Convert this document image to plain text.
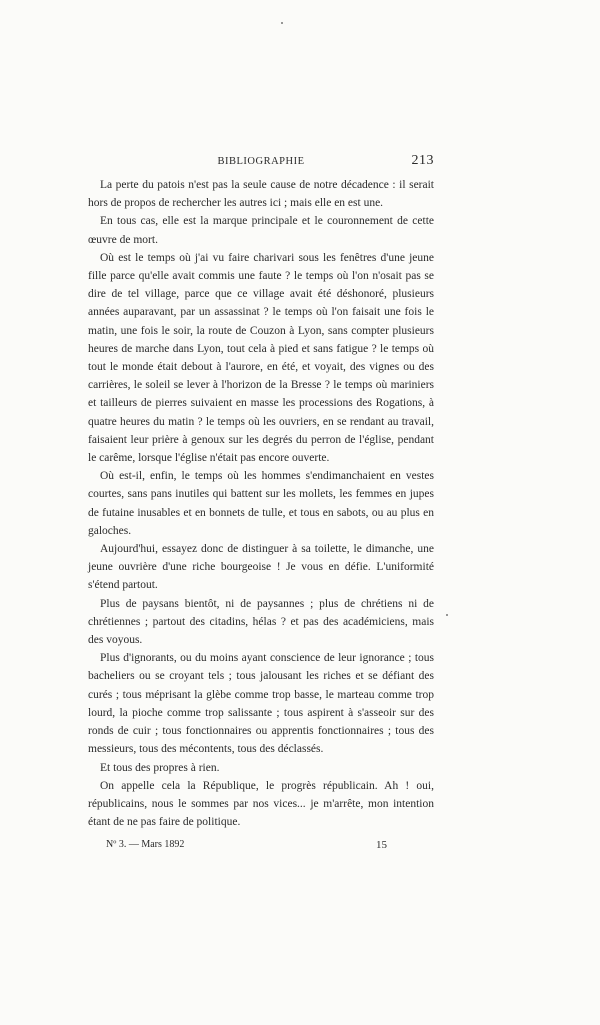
BIBLIOGRAPHIE	213

La perte du patois n'est pas la seule cause de notre décadence : il serait hors de propos de rechercher les autres ici ; mais elle en est une.

En tous cas, elle est la marque principale et le couronnement de cette œuvre de mort.

Où est le temps où j'ai vu faire charivari sous les fenêtres d'une jeune fille parce qu'elle avait commis une faute ? le temps où l'on n'osait pas se dire de tel village, parce que ce village avait été déshonoré, plusieurs années auparavant, par un assassinat ? le temps où l'on faisait une fois le matin, une fois le soir, la route de Couzon à Lyon, sans compter plusieurs heures de marche dans Lyon, tout cela à pied et sans fatigue ? le temps où tout le monde était debout à l'aurore, en été, et voyait, des vignes ou des carrières, le soleil se lever à l'horizon de la Bresse ? le temps où mariniers et tailleurs de pierres suivaient en masse les processions des Rogations, à quatre heures du matin ? le temps où les ouvriers, en se rendant au travail, faisaient leur prière à genoux sur les degrés du perron de l'église, pendant le carême, lorsque l'église n'était pas encore ouverte.

Où est-il, enfin, le temps où les hommes s'endimanchaient en vestes courtes, sans pans inutiles qui battent sur les mollets, les femmes en jupes de futaine inusables et en bonnets de tulle, et tous en sabots, ou au plus en galoches.

Aujourd'hui, essayez donc de distinguer à sa toilette, le dimanche, une jeune ouvrière d'une riche bourgeoise ! Je vous en défie. L'uniformité s'étend partout.

Plus de paysans bientôt, ni de paysannes ; plus de chrétiens ni de chrétiennes ; partout des citadins, hélas ? et pas des académiciens, mais des voyous.

Plus d'ignorants, ou du moins ayant conscience de leur ignorance ; tous bacheliers ou se croyant tels ; tous jalousant les riches et se défiant des curés ; tous méprisant la glèbe comme trop basse, le marteau comme trop lourd, la pioche comme trop salissante ; tous aspirent à s'asseoir sur des ronds de cuir ; tous fonctionnaires ou apprentis fonctionnaires ; tous des messieurs, tous des mécontents, tous des déclassés.

Et tous des propres à rien.

On appelle cela la République, le progrès républicain. Ah ! oui, républicains, nous le sommes par nos vices... je m'arrête, mon intention étant de ne pas faire de politique.

Nº 3. — Mars 1892	15
